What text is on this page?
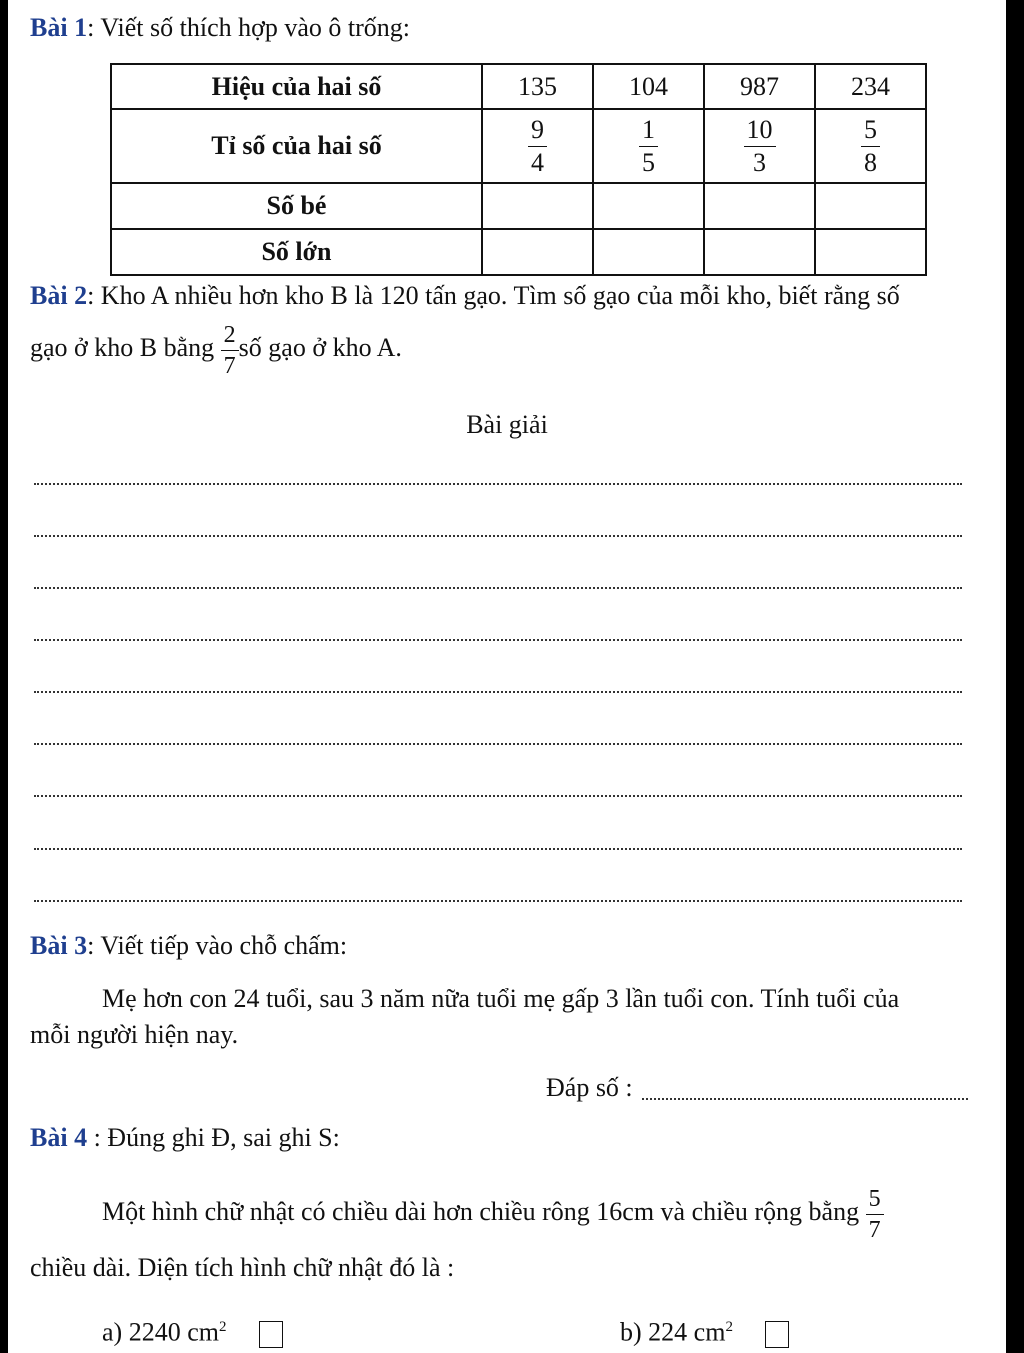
Bài 1: Viết số thích hợp vào ô trống:
Hiệu của hai số	135	104	987	234
Tỉ số của hai số	$\frac{9}{4}$	$\frac{1}{5}$	$\frac{10}{3}$	$\frac{5}{8}$

Số bé				
Số lớn				
Bài 2: Kho A nhiều hơn kho B là 120 tấn gạo. Tìm số gạo của mỗi kho, biết rằng số
gạo ở kho B bằng $\frac{2}{7}$ số gạo ở kho A.
Bài giải
Bài 3: Viết tiếp vào chỗ chấm:
Mẹ hơn con 24 tuổi, sau 3 năm nữa tuổi mẹ gấp 3 lần tuổi con. Tính tuổi của
mỗi người hiện nay.
Đáp số :
Bài 4 : Đúng ghi Đ, sai ghi S:
Một hình chữ nhật có chiều dài hơn chiều rông 16cm và chiều rộng bằng $\frac{5}{7}$
chiều dài. Diện tích hình chữ nhật đó là :
a) 2240 $cm^2$	b) 224 $cm^2$
